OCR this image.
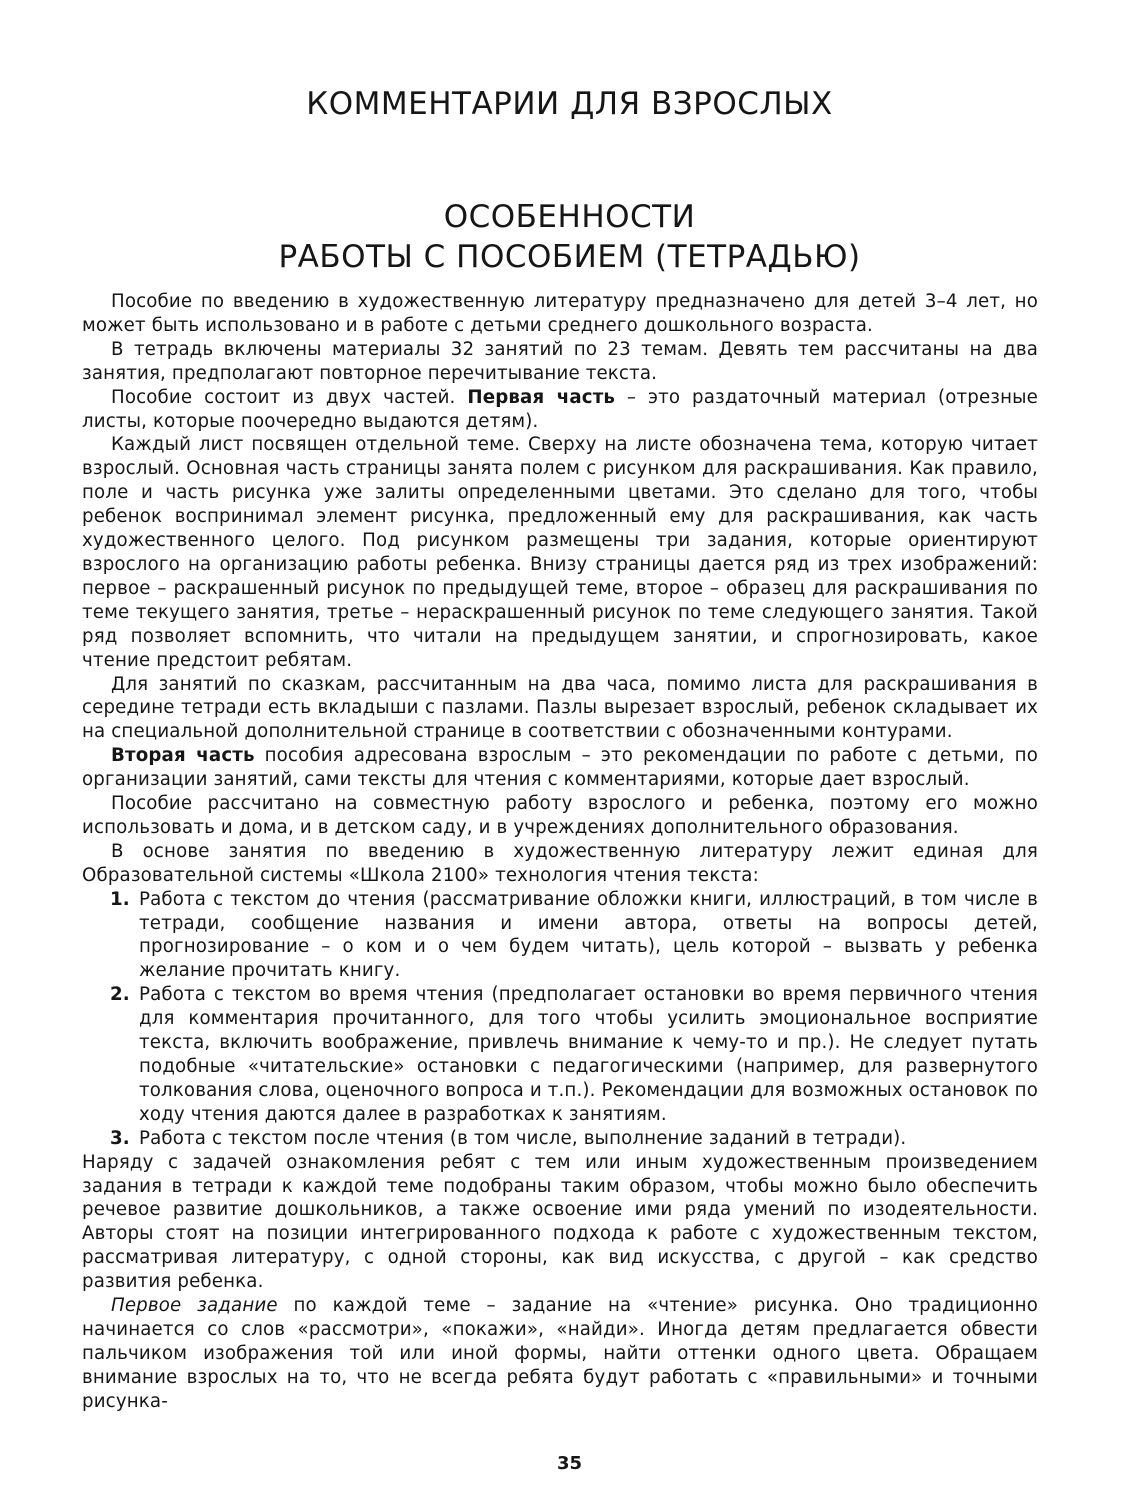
КОММЕНТАРИИ ДЛЯ ВЗРОСЛЫХ
ОСОБЕННОСТИ
РАБОТЫ С ПОСОБИЕМ (ТЕТРАДЬЮ)

Пособие по введению в художественную литературу предназначено для детей 3–4 лет, но может быть использовано и в работе с детьми среднего дошкольного возраста.

В тетрадь включены материалы 32 занятий по 23 темам. Девять тем рассчитаны на два занятия, предполагают повторное перечитывание текста.

Пособие состоит из двух частей. Первая часть – это раздаточный материал (отрезные листы, которые поочередно выдаются детям).

Каждый лист посвящен отдельной теме. Сверху на листе обозначена тема, которую читает взрослый. Основная часть страницы занята полем с рисунком для раскрашивания. Как правило, поле и часть рисунка уже залиты определенными цветами. Это сделано для того, чтобы ребенок воспринимал элемент рисунка, предложенный ему для раскрашивания, как часть художественного целого. Под рисунком размещены три задания, которые ориентируют взрослого на организацию работы ребенка. Внизу страницы дается ряд из трех изображений: первое – раскрашенный рисунок по предыдущей теме, второе – образец для раскрашивания по теме текущего занятия, третье – нераскрашенный рисунок по теме следующего занятия. Такой ряд позволяет вспомнить, что читали на предыдущем занятии, и спрогнозировать, какое чтение предстоит ребятам.

Для занятий по сказкам, рассчитанным на два часа, помимо листа для раскрашивания в середине тетради есть вкладыши с пазлами. Пазлы вырезает взрослый, ребенок складывает их на специальной дополнительной странице в соответствии с обозначенными контурами.

Вторая часть пособия адресована взрослым – это рекомендации по работе с детьми, по организации занятий, сами тексты для чтения с комментариями, которые дает взрослый.

Пособие рассчитано на совместную работу взрослого и ребенка, поэтому его можно использовать и дома, и в детском саду, и в учреждениях дополнительного образования.

В основе занятия по введению в художественную литературу лежит единая для Образовательной системы «Школа 2100» технология чтения текста:

1. Работа с текстом до чтения (рассматривание обложки книги, иллюстраций, в том числе в тетради, сообщение названия и имени автора, ответы на вопросы детей, прогнозирование – о ком и о чем будем читать), цель которой – вызвать у ребенка желание прочитать книгу.
2. Работа с текстом во время чтения (предполагает остановки во время первичного чтения для комментария прочитанного, для того чтобы усилить эмоциональное восприятие текста, включить воображение, привлечь внимание к чему-то и пр.). Не следует путать подобные «читательские» остановки с педагогическими (например, для развернутого толкования слова, оценочного вопроса и т.п.). Рекомендации для возможных остановок по ходу чтения даются далее в разработках к занятиям.
3. Работа с текстом после чтения (в том числе, выполнение заданий в тетради).

Наряду с задачей ознакомления ребят с тем или иным художественным произведением задания в тетради к каждой теме подобраны таким образом, чтобы можно было обеспечить речевое развитие дошкольников, а также освоение ими ряда умений по изодеятельности. Авторы стоят на позиции интегрированного подхода к работе с художественным текстом, рассматривая литературу, с одной стороны, как вид искусства, с другой – как средство развития ребенка.

Первое задание по каждой теме – задание на «чтение» рисунка. Оно традиционно начинается со слов «рассмотри», «покажи», «найди». Иногда детям предлагается обвести пальчиком изображения той или иной формы, найти оттенки одного цвета. Обращаем внимание взрослых на то, что не всегда ребята будут работать с «правильными» и точными рисунка-

35
